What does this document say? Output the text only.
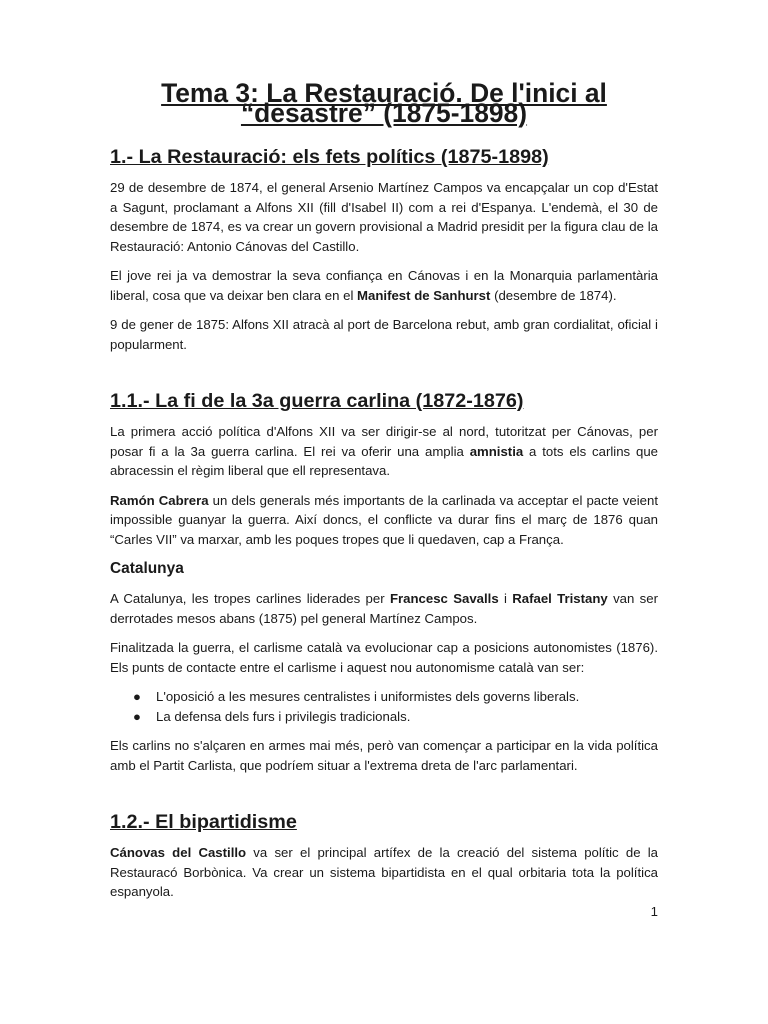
Tema 3: La Restauració. De l'inici al “desastre” (1875-1898)
1.- La Restauració: els fets polítics (1875-1898)

29 de desembre de 1874, el general Arsenio Martínez Campos va encapçalar un cop d'Estat a Sagunt, proclamant a Alfons XII (fill d'Isabel II) com a rei d'Espanya. L'endemà, el 30 de desembre de 1874, es va crear un govern provisional a Madrid presidit per la figura clau de la Restauració: Antonio Cánovas del Castillo.

El jove rei ja va demostrar la seva confiança en Cánovas i en la Monarquia parlamentària liberal, cosa que va deixar ben clara en el Manifest de Sanhurst (desembre de 1874).

9 de gener de 1875: Alfons XII atracà al port de Barcelona rebut, amb gran cordialitat, oficial i popularment.

1.1.- La fi de la 3a guerra carlina (1872-1876)

La primera acció política d'Alfons XII va ser dirigir-se al nord, tutoritzat per Cánovas, per posar fi a la 3a guerra carlina. El rei va oferir una amplia amnistia a tots els carlins que abracessin el règim liberal que ell representava.

Ramón Cabrera un dels generals més importants de la carlinada va acceptar el pacte veient impossible guanyar la guerra. Així doncs, el conflicte va durar fins el març de 1876 quan “Carles VII” va marxar, amb les poques tropes que li quedaven, cap a França.

Catalunya

A Catalunya, les tropes carlines liderades per Francesc Savalls i Rafael Tristany van ser derrotades mesos abans (1875) pel general Martínez Campos.

Finalitzada la guerra, el carlisme català va evolucionar cap a posicions autonomistes (1876). Els punts de contacte entre el carlisme i aquest nou autonomisme català van ser:

● L'oposició a les mesures centralistes i uniformistes dels governs liberals.
● La defensa dels furs i privilegis tradicionals.

Els carlins no s'alçaren en armes mai més, però van començar a participar en la vida política amb el Partit Carlista, que podríem situar a l'extrema dreta de l'arc parlamentari.

1.2.- El bipartidisme

Cánovas del Castillo va ser el principal artífex de la creació del sistema polític de la Restauracó Borbònica. Va crear un sistema bipartidista en el qual orbitaria tota la política espanyola.

1
